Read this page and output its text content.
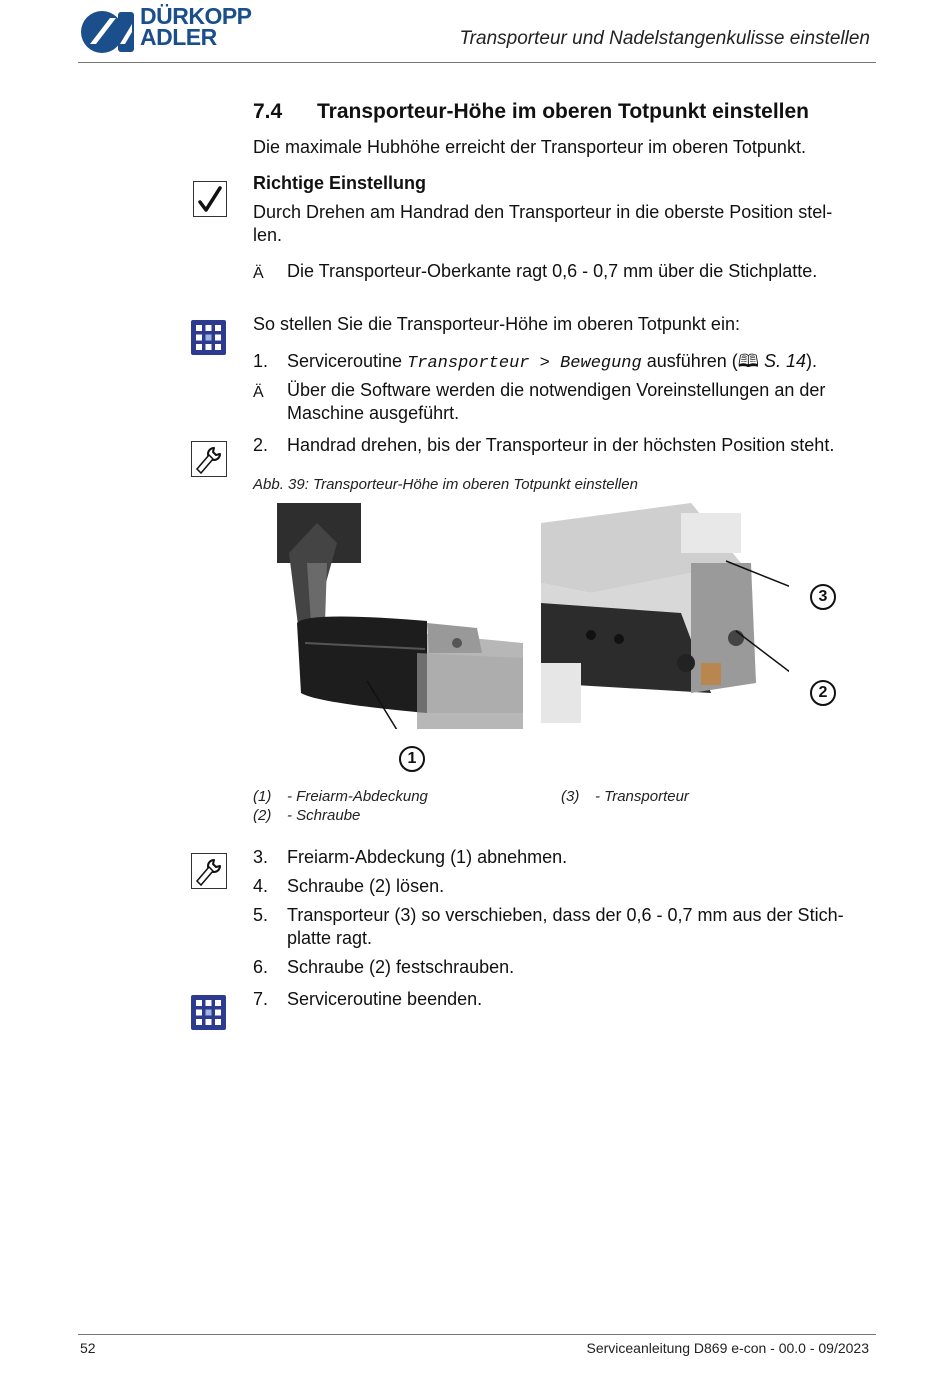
DÜRKOPP
ADLER	Transporteur und Nadelstangenkulisse einstellen
7.4 Transporteur-Höhe im oberen Totpunkt einstellen
Die maximale Hubhöhe erreicht der Transporteur im oberen Totpunkt.
Richtige Einstellung
Durch Drehen am Handrad den Transporteur in die oberste Position stel-
len.
Ä Die Transporteur-Oberkante ragt 0,6 - 0,7 mm über die Stichplatte.
So stellen Sie die Transporteur-Höhe im oberen Totpunkt ein:
1. Serviceroutine Transporteur > Bewegung ausführen (🕮 S. 14).
Ä Über die Software werden die notwendigen Voreinstellungen an der
Maschine ausgeführt.
2. Handrad drehen, bis der Transporteur in der höchsten Position steht.
Abb. 39: Transporteur-Höhe im oberen Totpunkt einstellen
1
2
3
(1) - Freiarm-Abdeckung
(2) - Schraube
(3) - Transporteur
3. Freiarm-Abdeckung (1) abnehmen.
4. Schraube (2) lösen.
5. Transporteur (3) so verschieben, dass der 0,6 - 0,7 mm aus der Stich-
platte ragt.
6. Schraube (2) festschrauben.
7. Serviceroutine beenden.
52	Serviceanleitung D869 e-con - 00.0 - 09/2023
